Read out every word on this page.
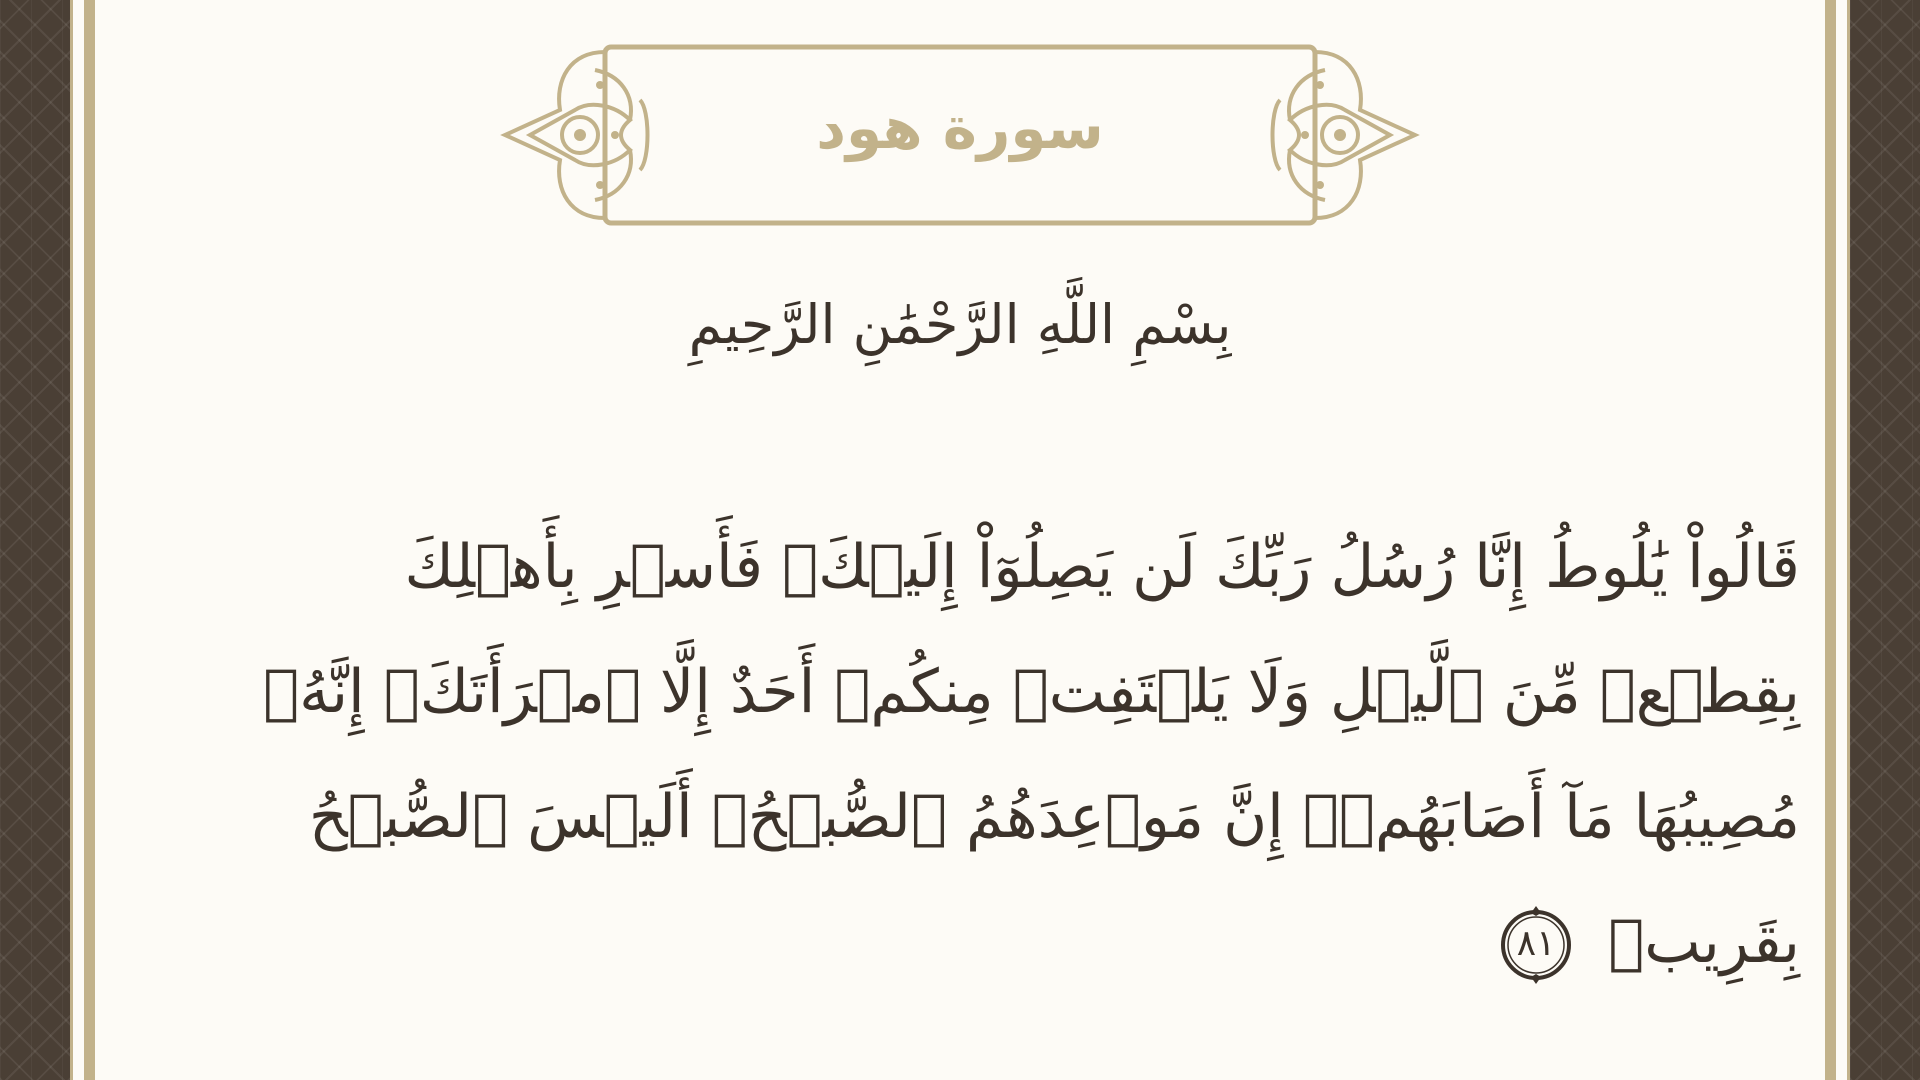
سورة هود
بِسْمِ اللَّهِ الرَّحْمَٰنِ الرَّحِيمِ
قَالُواْ يَٰلُوطُ إِنَّا رُسُلُ رَبِّكَ لَن يَصِلُوٓاْ إِلَيۡكَۖ فَأَسۡرِ بِأَهۡلِكَ بِقِطۡعٖ مِّنَ ٱلَّيۡلِ وَلَا يَلۡتَفِتۡ مِنكُمۡ أَحَدٌ إِلَّا ٱمۡرَأَتَكَۖ إِنَّهُۥ مُصِيبُهَا مَآ أَصَابَهُمۡۚ إِنَّ مَوۡعِدَهُمُ ٱلصُّبۡحُۚ أَلَيۡسَ ٱلصُّبۡحُ بِقَرِيبٖ
٨١
